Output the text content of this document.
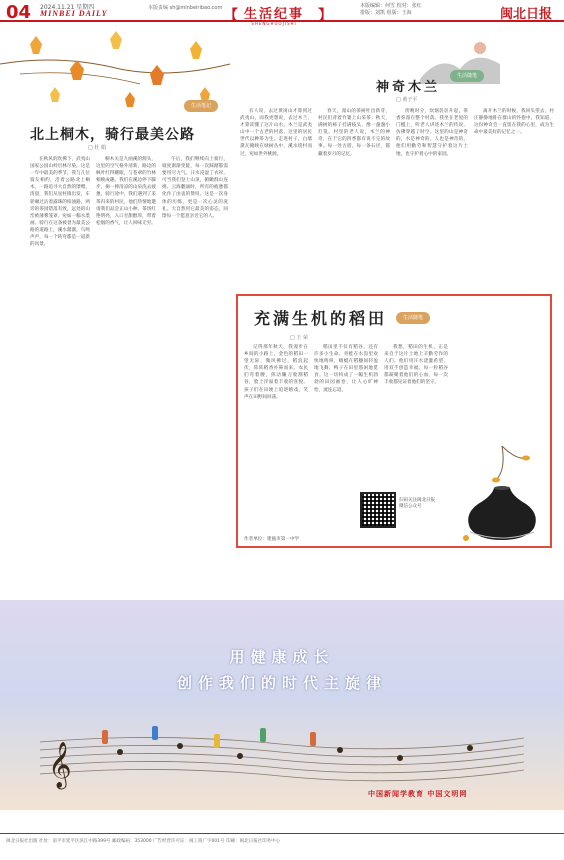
04 2024.11.21 星期四
MINBEI DAILY
本版责编 sh@minbeiribao.com 【 生活纪事
SHENGHUOJISHI	】
本版编辑：何雪 校对：张红
排版：刘凯 组版：王海	闽北日报
生活笔记
北上桐木，骑行最美公路
□ 杜 娟

在秋风的吹拂下，武夷山国家公园山岭层林尽染。这是一年中最美的季节，我与几位骑友相约，沿着公路北上桐木，一路追寻大自然的馈赠。清晨，我们从星村镇出发，车轮碾过沾着露珠的柏油路，两旁的茶园错落有致，远处的山峦被薄雾笼罩，宛如一幅水墨画。骑行在这条被誉为最美公路的道路上，溪水潺潺，鸟鸣声声，每一个转弯都是一道新的风景。

桐木关是九曲溪的源头，这里的空气格外清新，路边的枫叶红得耀眼，与苍翠的竹林相映成趣。我们在溪边停下脚步，掬一捧清凉的山泉洗去疲惫。骑行途中，我们遇到了采茶归来的村民，他们热情地邀请我们品尝正山小种。茶汤红艳明亮，入口甘甜醇厚，带着松烟的香气，让人回味无穷。

午后，我们继续向上骑行，坡度渐渐变陡，每一次踩踏都需要用尽力气。汗水浸湿了衣衫，可当我们登上山顶，俯瞰群山连绵、云海翻涌时，所有的疲惫都化作了由衷的赞叹。这是一次身体的历练，更是一次心灵的洗礼。大自然用它最美的姿态，回馈每一个愿意亲近它的人。

生活随笔
神奇木兰
□ 黄子平

有人说，去过黄岗山才算到过武夷山，而我更想说，去过木兰，才算读懂了这片山水。木兰是武夷山中一个古老的村落，这里的居民世代以种茶为生。走进村子，白墙黛瓦掩映在绿树丛中，溪水绕村而过，宛如世外桃源。

春天，漫山的茶树吐出新芽，村民们背着竹篓上山采茶；秋天，满树的柿子挂满枝头，像一盏盏小灯笼。村里的老人说，木兰的神奇，在于它的四季都有说不完的故事。每一处古厝，每一条石径，都藏着岁月的记忆。

傍晚时分，炊烟袅袅升起，茶香弥漫在整个村落。我坐在老屋的门槛上，听老人讲述木兰的传说，仿佛穿越了时空。这里的山是神奇的，水是神奇的，人也是神奇的，他们用勤劳和智慧守护着这片土地，也守护着心中的家园。

离开木兰的时候，我回头望去，村庄静静地卧在群山的怀抱中。我知道，这份神奇会一直留在我的心里，成为生命中最美好的记忆之一。

充满生机的稻田	生活随笔
□ 王 荣

记得那年秋天，我漫步在乡间的小路上，金色的稻田一望无际，微风拂过，稻浪起伏，阵阵稻香扑鼻而来。农民们弯着腰，挥动镰刀收割稻谷，脸上洋溢着丰收的喜悦。孩子们在田埂上追逐嬉戏，笑声在田野间回荡。

稻田里不仅有稻谷，还有许多小生命。青蛙在水沟里欢快地鸣叫，蜻蜓在稻穗间轻盈地飞舞，鸭子在田里悠闲地觅食。这一切构成了一幅生机勃勃的田园画卷，让人心旷神怡，流连忘返。

我想，稻田的生机，正是来自于这片土地上辛勤劳作的人们。他们用汗水浇灌希望，用双手创造幸福。每一粒稻谷都凝聚着他们的心血，每一次丰收都见证着他们的坚守。

扫码关注闽北日报微信公众号
作者单位：建瓯市第一中学
用健康成长
创作我们的时代主旋律
𝄞
中国新闻学教育 中国文明网
闽北日报社出版 社址：南平市延平区滨江中路399号 邮政编码：353000 广告经营许可证：闽工商广字001号 印刷：闽北日报社印务中心
